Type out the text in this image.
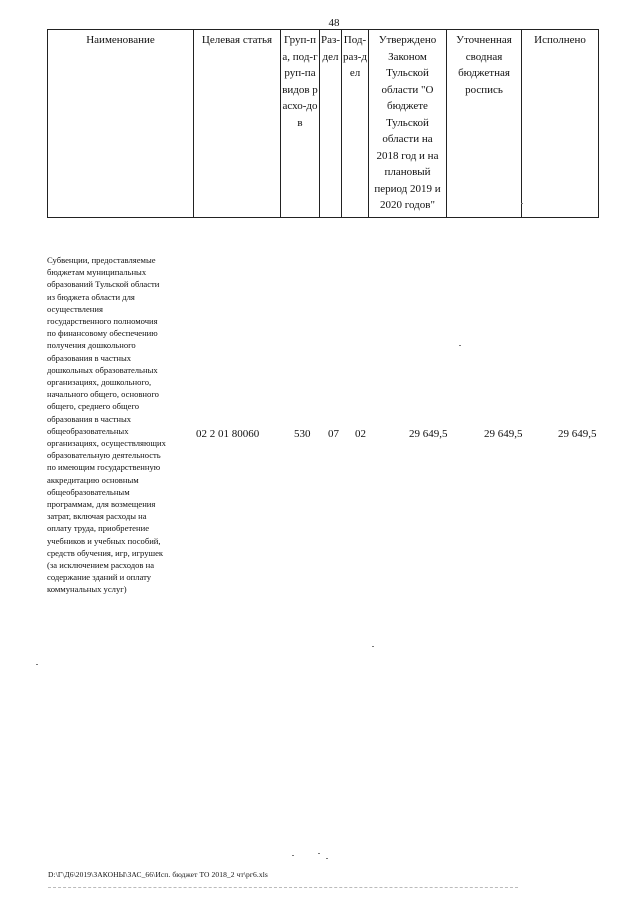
48
Наименование	Целевая статья	Груп-па, под-груп-па видов расхо-дов	Раз-дел	Под-раз-дел	Утверждено Законом Тульской области "О бюджете Тульской области на 2018 год и на плановый период 2019 и 2020 годов"	Уточненная сводная бюджетная роспись	Исполнено
Субвенции, предоставляемые
бюджетам муниципальных
образований Тульской области
из бюджета области для
осуществления
государственного полномочия
по финансовому обеспечению
получения дошкольного
образования в частных
дошкольных образовательных
организациях, дошкольного,
начального общего, основного
общего, среднего общего
образования в частных
общеобразовательных
организациях, осуществляющих
образовательную деятельность
по имеющим государственную
аккредитацию основным
общеобразовательным
программам, для возмещения
затрат, включая расходы на
оплату труда, приобретение
учебников и учебных пособий,
средств обучения, игр, игрушек
(за исключением расходов на
содержание зданий и оплату
коммунальных услуг)
02 2 01 80060	530 07 02	29 649,5	29 649,5	29 649,5
D:\Г\Д6\2019\ЗАКОНЫ\ЗАС_66\Исп. бюджет ТО 2018_2 чт\рг6.xls
